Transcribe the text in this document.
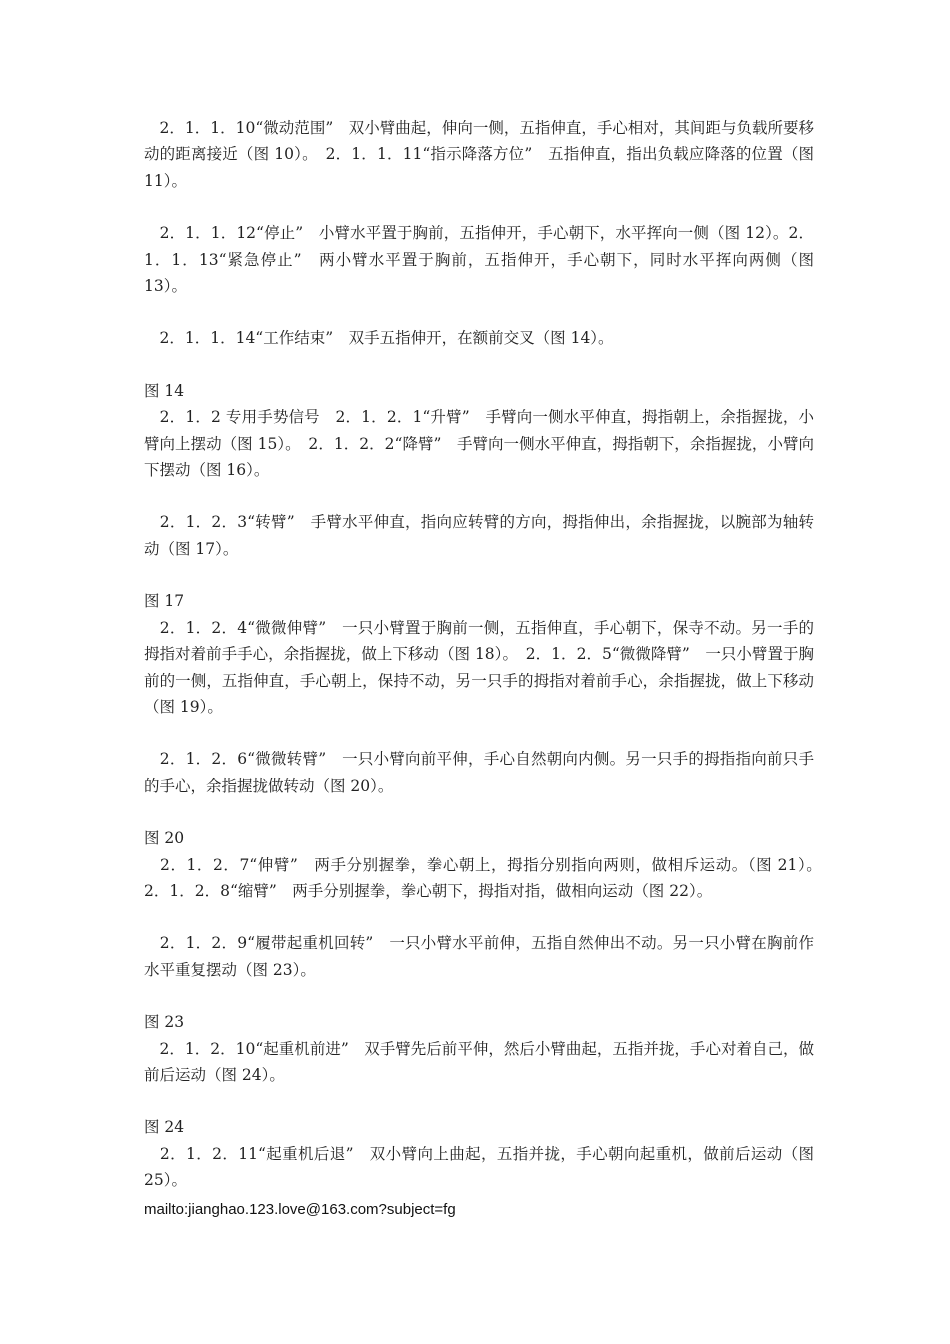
　2．1．1．10“微动范围”　双小臂曲起，伸向一侧，五指伸直，手心相对，其间距与负载所要移动的距离接近（图 10）。　2．1．1．11“指示降落方位”　五指伸直，指出负载应降落的位置（图 11）。

　2．1．1．12“停止”　小臂水平置于胸前，五指伸开，手心朝下，水平挥向一侧（图 12）。2．1．1．13“紧急停止”　两小臂水平置于胸前，五指伸开，手心朝下，同时水平挥向两侧（图 13）。

　2．1．1．14“工作结束”　双手五指伸开，在额前交叉（图 14）。

图 14

　2．1．2 专用手势信号　2．1．2．1“升臂”　手臂向一侧水平伸直，拇指朝上，余指握拢，小臂向上摆动（图 15）。　2．1．2．2“降臂”　手臂向一侧水平伸直，拇指朝下，余指握拢，小臂向下摆动（图 16）。

　2．1．2．3“转臂”　手臂水平伸直，指向应转臂的方向，拇指伸出，余指握拢，以腕部为轴转动（图 17）。

图 17

　2．1．2．4“微微伸臂”　一只小臂置于胸前一侧，五指伸直，手心朝下，保寺不动。另一手的拇指对着前手手心，余指握拢，做上下移动（图 18）。　2．1．2．5“微微降臂”　一只小臂置于胸前的一侧，五指伸直，手心朝上，保持不动，另一只手的拇指对着前手心，余指握拢，做上下移动（图 19）。

　2．1．2．6“微微转臂”　一只小臂向前平伸，手心自然朝向内侧。另一只手的拇指指向前只手的手心，余指握拢做转动（图 20）。

图 20

　2．1．2．7“伸臂”　两手分别握拳，拳心朝上，拇指分别指向两则，做相斥运动。（图 21）。　2．1．2．8“缩臂”　两手分别握拳，拳心朝下，拇指对指，做相向运动（图 22）。

　2．1．2．9“履带起重机回转”　一只小臂水平前伸，五指自然伸出不动。另一只小臂在胸前作水平重复摆动（图 23）。

图 23

　2．1．2．10“起重机前进”　双手臂先后前平伸，然后小臂曲起，五指并拢，手心对着自己，做前后运动（图 24）。

图 24

　2．1．2．11“起重机后退”　双小臂向上曲起，五指并拢，手心朝向起重机，做前后运动（图 25）。

mailto:jianghao.123.love@163.com?subject=fg
